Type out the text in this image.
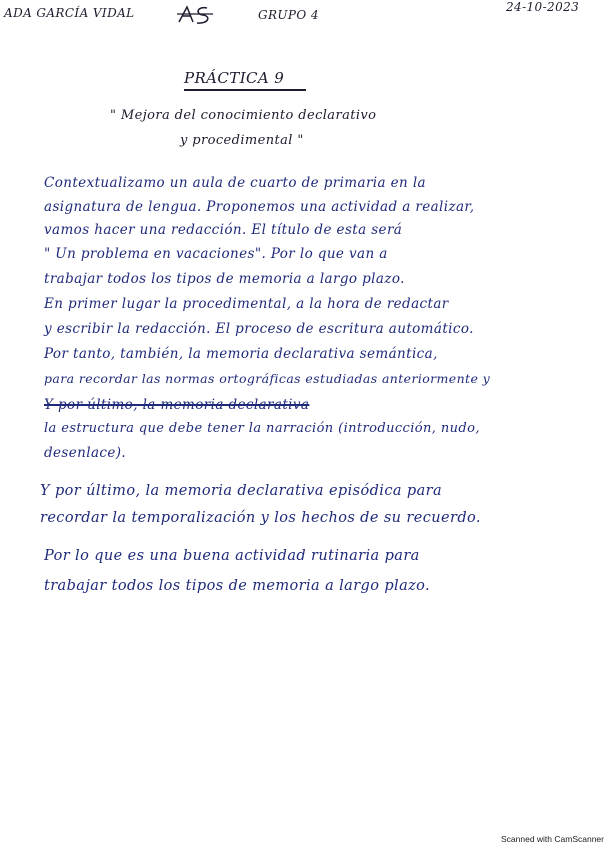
ADA GARCÍA VIDAL	GRUPO 4
24-10-2023
PRÁCTICA 9
" Mejora del conocimiento declarativo
y procedimental "
Contextualizamo un aula de cuarto de primaria en la
asignatura de lengua. Proponemos una actividad a realizar,
vamos hacer una redacción. El título de esta será
" Un problema en vacaciones". Por lo que van a
trabajar todos los tipos de memoria a largo plazo.
En primer lugar la procedimental, a la hora de redactar
y escribir la redacción. El proceso de escritura automático.
Por tanto, también, la memoria declarativa semántica,
para recordar las normas ortográficas estudiadas anteriormente y
Y por último, la memoria declarativa
la estructura que debe tener la narración (introducción, nudo,
desenlace).
Y por último, la memoria declarativa episódica para
recordar la temporalización y los hechos de su recuerdo.
Por lo que es una buena actividad rutinaria para
trabajar todos los tipos de memoria a largo plazo.
Scanned with CamScanner
